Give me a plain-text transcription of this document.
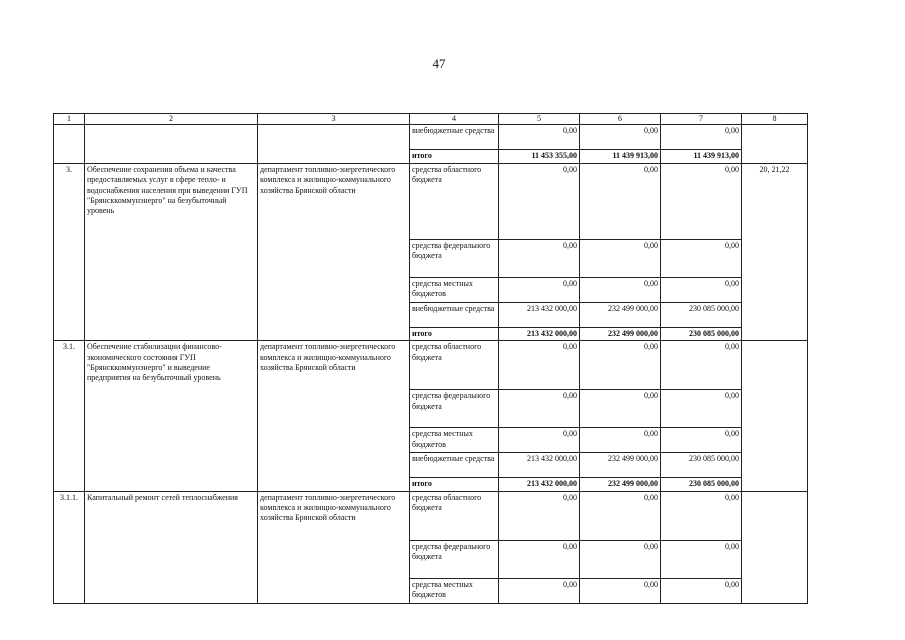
47
1	2	3	4	5	6	7	8
			внебюджетные средства	0,00	0,00	0,00	
			итого	11 453 355,00	11 439 913,00	11 439 913,00	
3.	Обеспечение сохранения объема и качества предоставляемых услуг в сфере тепло- и водоснабжения населения при выведении ГУП "Брянсккоммунэнерго" на безубыточный уровень	департамент топливно-энергетического комплекса и жилищно-коммунального хозяйства Брянской области	средства областного бюджета	0,00	0,00	0,00	20, 21,22
			средства федерального бюджета	0,00	0,00	0,00	
			средства местных бюджетов	0,00	0,00	0,00	
			внебюджетные средства	213 432 000,00	232 499 000,00	230 085 000,00	
			итого	213 432 000,00	232 499 000,00	230 085 000,00	
3.1.	Обеспечение стабилизации финансово-экономического состояния ГУП "Брянсккоммунэнерго" и выведение предприятия на безубыточный уровень	департамент топливно-энергетического комплекса и жилищно-коммунального хозяйства Брянской области	средства областного бюджета	0,00	0,00	0,00	
			средства федерального бюджета	0,00	0,00	0,00	
			средства местных бюджетов	0,00	0,00	0,00	
			внебюджетные средства	213 432 000,00	232 499 000,00	230 085 000,00	
			итого	213 432 000,00	232 499 000,00	230 085 000,00	
3.1.1.	Капитальный ремонт сетей теплоснабжения	департамент топливно-энергетического комплекса и жилищно-коммунального хозяйства Брянской области	средства областного бюджета	0,00	0,00	0,00	
			средства федерального бюджета	0,00	0,00	0,00	
			средства местных бюджетов	0,00	0,00	0,00	
